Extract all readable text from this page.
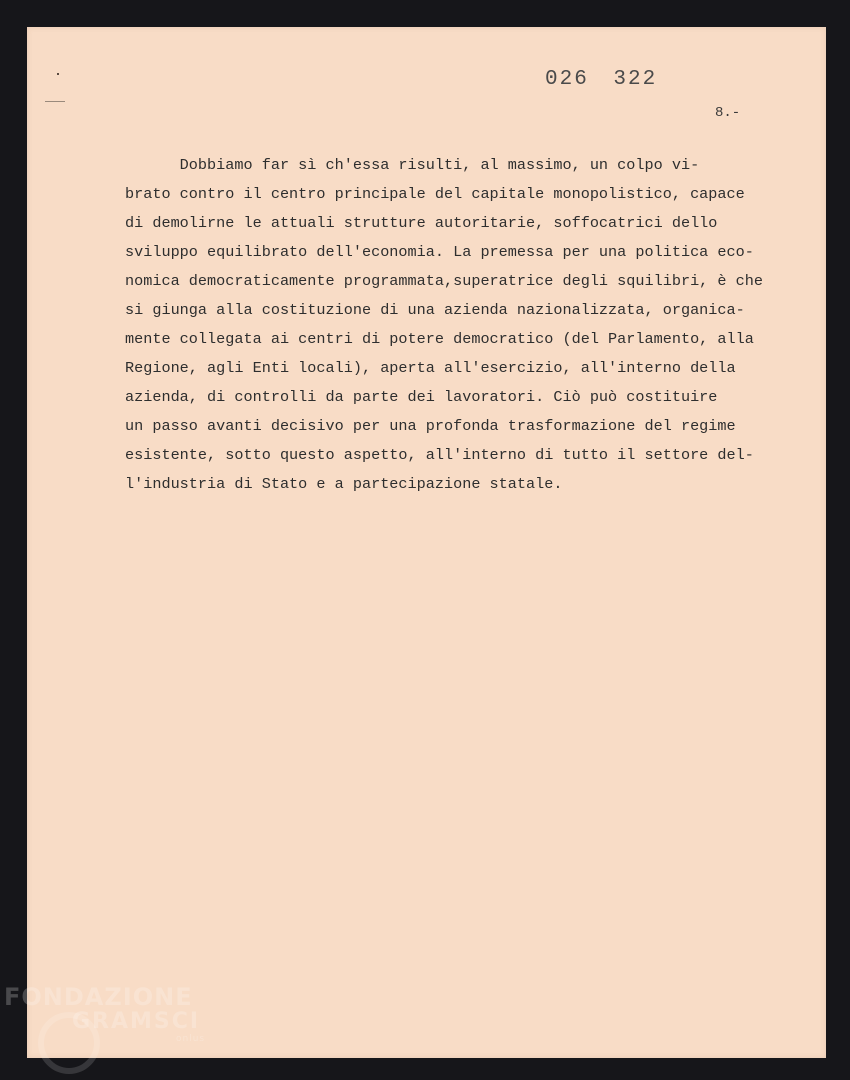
026 322
8.-
Dobbiamo far sì ch'essa risulti, al massimo, un colpo vi-
brato contro il centro principale del capitale monopolistico, capace
di demolirne le attuali strutture autoritarie, soffocatrici dello
sviluppo equilibrato dell'economia. La premessa per una politica eco-
nomica democraticamente programmata,superatrice degli squilibri, è che
si giunga alla costituzione di una azienda nazionalizzata, organica-
mente collegata ai centri di potere democratico (del Parlamento, alla
Regione, agli Enti locali), aperta all'esercizio, all'interno della
azienda, di controlli da parte dei lavoratori. Ciò può costituire
un passo avanti decisivo per una profonda trasformazione del regime
esistente, sotto questo aspetto, all'interno di tutto il settore del-
l'industria di Stato e a partecipazione statale.
FONDAZIONE
GRAMSCI
onlus
